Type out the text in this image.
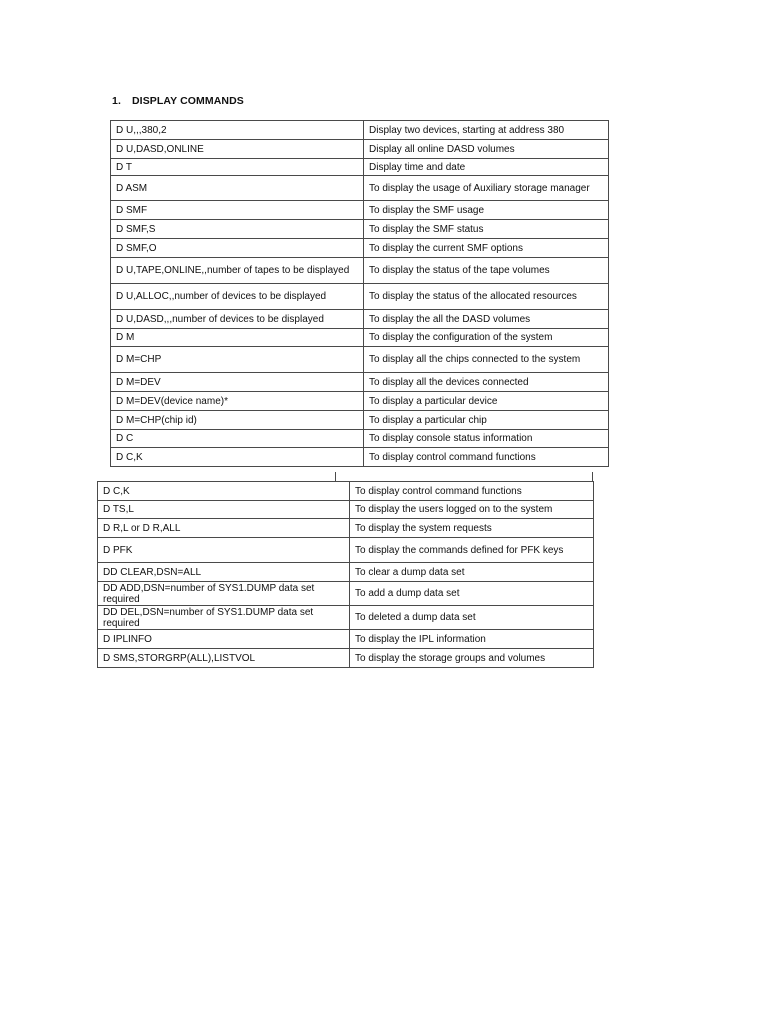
1. DISPLAY COMMANDS
D U,,,380,2	Display two devices, starting at address 380
D U,DASD,ONLINE	Display all online DASD volumes
D T	Display time and date
D ASM	To display the usage of Auxiliary storage manager
D SMF	To display the SMF usage
D SMF,S	To display the SMF status
D SMF,O	To display the current SMF options
D U,TAPE,ONLINE,,number of tapes to be displayed	To display the status of the tape volumes
D U,ALLOC,,number of devices to be displayed	To display the status of the allocated resources
D U,DASD,,,number of devices to be displayed	To display the all the DASD volumes
D M	To display the configuration of the system
D M=CHP	To display all the chips connected to the system
D M=DEV	To display all the devices connected
D M=DEV(device name)*	To display a particular device
D M=CHP(chip id)	To display a particular chip
D C	To display console status information
D C,K	To display control command functions
D C,K	To display control command functions
D TS,L	To display the users logged on to the system
D R,L or D R,ALL	To display the system requests
D PFK	To display the commands defined for PFK keys
DD CLEAR,DSN=ALL	To clear a dump data set
DD ADD,DSN=number of SYS1.DUMP data set required	To add a dump data set
DD DEL,DSN=number of SYS1.DUMP data set required	To deleted a dump data set
D IPLINFO	To display the IPL information
D SMS,STORGRP(ALL),LISTVOL	To display the storage groups and volumes
